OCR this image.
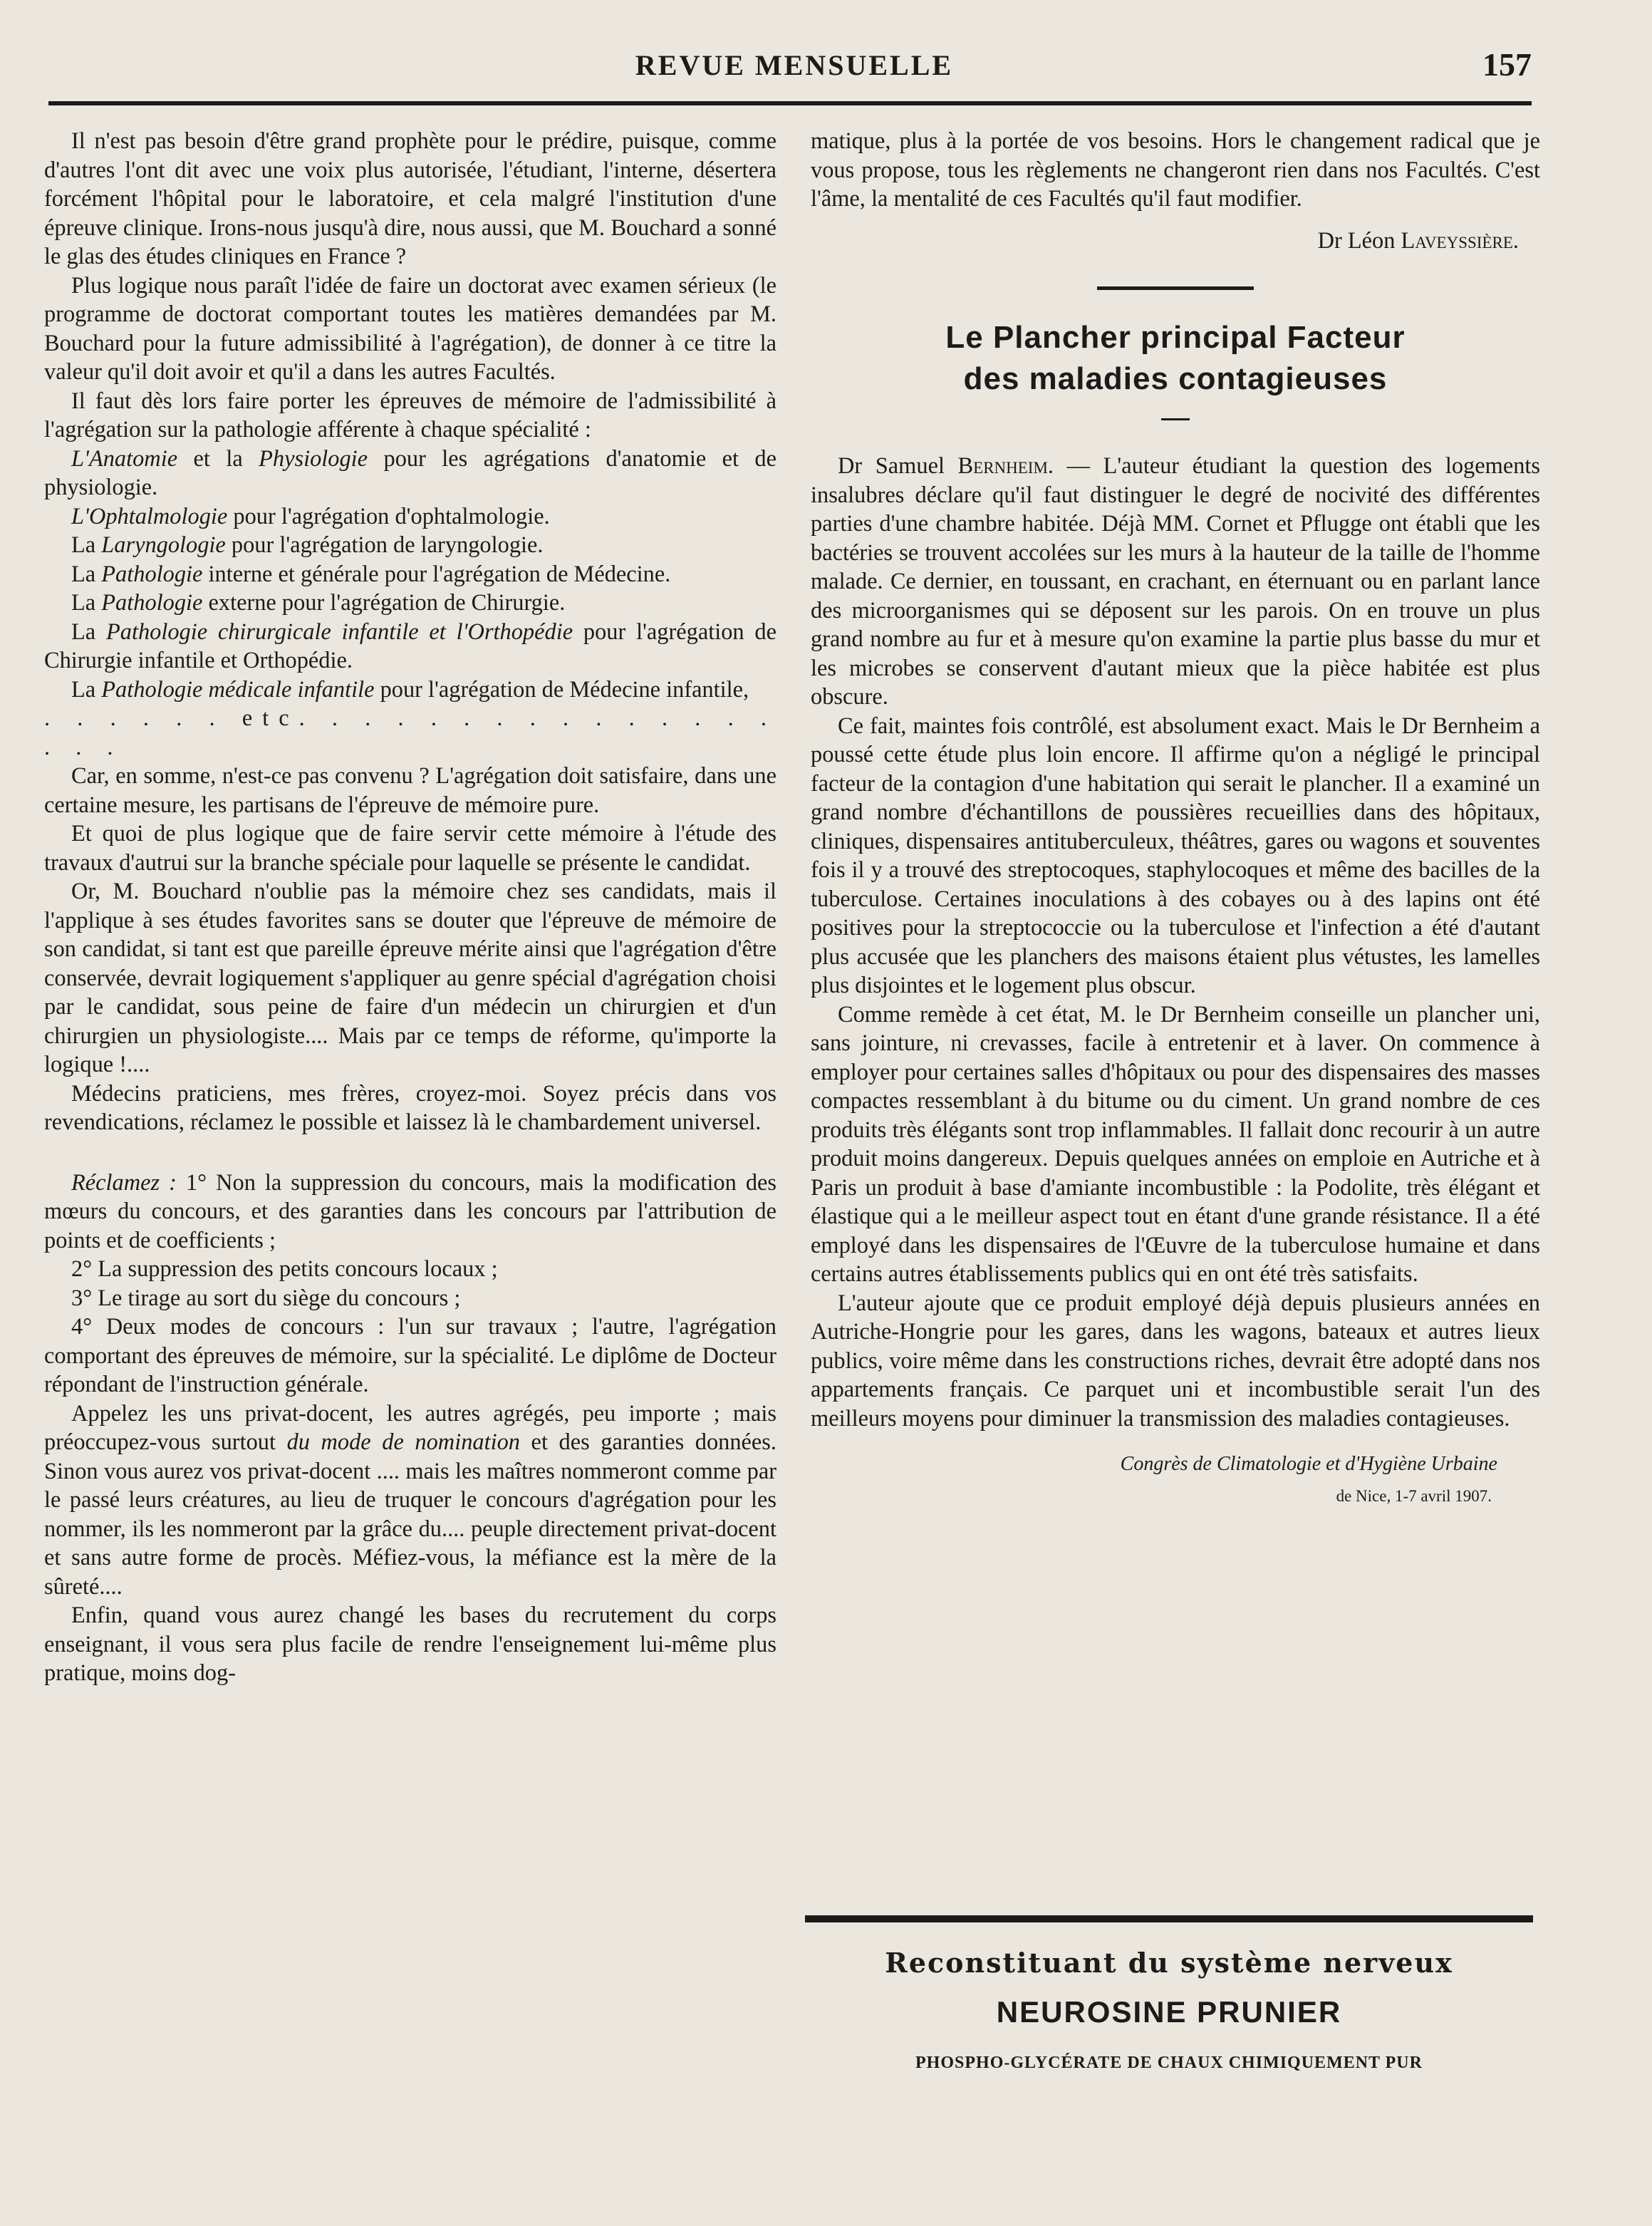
REVUE MENSUELLE	157

Il n'est pas besoin d'être grand prophète pour le prédire, puisque, comme d'autres l'ont dit avec une voix plus autorisée, l'étudiant, l'interne, désertera forcément l'hôpital pour le laboratoire, et cela malgré l'institution d'une épreuve clinique. Irons-nous jusqu'à dire, nous aussi, que M. Bouchard a sonné le glas des études cliniques en France ?

Plus logique nous paraît l'idée de faire un doctorat avec examen sérieux (le programme de doctorat comportant toutes les matières demandées par M. Bouchard pour la future admissibilité à l'agrégation), de donner à ce titre la valeur qu'il doit avoir et qu'il a dans les autres Facultés.

Il faut dès lors faire porter les épreuves de mémoire de l'admissibilité à l'agrégation sur la pathologie afférente à chaque spécialité :

L'Anatomie et la Physiologie pour les agrégations d'anatomie et de physiologie.

L'Ophtalmologie pour l'agrégation d'ophtalmologie.

La Laryngologie pour l'agrégation de laryngologie.

La Pathologie interne et générale pour l'agrégation de Médecine.

La Pathologie externe pour l'agrégation de Chirurgie.

La Pathologie chirurgicale infantile et l'Orthopédie pour l'agrégation de Chirurgie infantile et Orthopédie.

La Pathologie médicale infantile pour l'agrégation de Médecine infantile,

. . . . . . etc. . . . . . . . . . . . . . . . . .

Car, en somme, n'est-ce pas convenu ? L'agrégation doit satisfaire, dans une certaine mesure, les partisans de l'épreuve de mémoire pure.

Et quoi de plus logique que de faire servir cette mémoire à l'étude des travaux d'autrui sur la branche spéciale pour laquelle se présente le candidat.

Or, M. Bouchard n'oublie pas la mémoire chez ses candidats, mais il l'applique à ses études favorites sans se douter que l'épreuve de mémoire de son candidat, si tant est que pareille épreuve mérite ainsi que l'agrégation d'être conservée, devrait logiquement s'appliquer au genre spécial d'agrégation choisi par le candidat, sous peine de faire d'un médecin un chirurgien et d'un chirurgien un physiologiste.... Mais par ce temps de réforme, qu'importe la logique !....

Médecins praticiens, mes frères, croyez-moi. Soyez précis dans vos revendications, réclamez le possible et laissez là le chambardement universel.

Réclamez : 1° Non la suppression du concours, mais la modification des mœurs du concours, et des garanties dans les concours par l'attribution de points et de coefficients ;

2° La suppression des petits concours locaux ;

3° Le tirage au sort du siège du concours ;

4° Deux modes de concours : l'un sur travaux ; l'autre, l'agrégation comportant des épreuves de mémoire, sur la spécialité. Le diplôme de Docteur répondant de l'instruction générale.

Appelez les uns privat-docent, les autres agrégés, peu importe ; mais préoccupez-vous surtout du mode de nomination et des garanties données. Sinon vous aurez vos privat-docent .... mais les maîtres nommeront comme par le passé leurs créatures, au lieu de truquer le concours d'agrégation pour les nommer, ils les nommeront par la grâce du.... peuple directement privat-docent et sans autre forme de procès. Méfiez-vous, la méfiance est la mère de la sûreté....

Enfin, quand vous aurez changé les bases du recrutement du corps enseignant, il vous sera plus facile de rendre l'enseignement lui-même plus pratique, moins dog-

matique, plus à la portée de vos besoins. Hors le changement radical que je vous propose, tous les règlements ne changeront rien dans nos Facultés. C'est l'âme, la mentalité de ces Facultés qu'il faut modifier.

Dr Léon Laveyssière.

Le Plancher principal Facteur
des maladies contagieuses

Dr Samuel Bernheim. — L'auteur étudiant la question des logements insalubres déclare qu'il faut distinguer le degré de nocivité des différentes parties d'une chambre habitée. Déjà MM. Cornet et Pflugge ont établi que les bactéries se trouvent accolées sur les murs à la hauteur de la taille de l'homme malade. Ce dernier, en toussant, en crachant, en éternuant ou en parlant lance des microorganismes qui se déposent sur les parois. On en trouve un plus grand nombre au fur et à mesure qu'on examine la partie plus basse du mur et les microbes se conservent d'autant mieux que la pièce habitée est plus obscure.

Ce fait, maintes fois contrôlé, est absolument exact. Mais le Dr Bernheim a poussé cette étude plus loin encore. Il affirme qu'on a négligé le principal facteur de la contagion d'une habitation qui serait le plancher. Il a examiné un grand nombre d'échantillons de poussières recueillies dans des hôpitaux, cliniques, dispensaires antituberculeux, théâtres, gares ou wagons et souventes fois il y a trouvé des streptocoques, staphylocoques et même des bacilles de la tuberculose. Certaines inoculations à des cobayes ou à des lapins ont été positives pour la streptococcie ou la tuberculose et l'infection a été d'autant plus accusée que les planchers des maisons étaient plus vétustes, les lamelles plus disjointes et le logement plus obscur.

Comme remède à cet état, M. le Dr Bernheim conseille un plancher uni, sans jointure, ni crevasses, facile à entretenir et à laver. On commence à employer pour certaines salles d'hôpitaux ou pour des dispensaires des masses compactes ressemblant à du bitume ou du ciment. Un grand nombre de ces produits très élégants sont trop inflammables. Il fallait donc recourir à un autre produit moins dangereux. Depuis quelques années on emploie en Autriche et à Paris un produit à base d'amiante incombustible : la Podolite, très élégant et élastique qui a le meilleur aspect tout en étant d'une grande résistance. Il a été employé dans les dispensaires de l'Œuvre de la tuberculose humaine et dans certains autres établissements publics qui en ont été très satisfaits.

L'auteur ajoute que ce produit employé déjà depuis plusieurs années en Autriche-Hongrie pour les gares, dans les wagons, bateaux et autres lieux publics, voire même dans les constructions riches, devrait être adopté dans nos appartements français. Ce parquet uni et incombustible serait l'un des meilleurs moyens pour diminuer la transmission des maladies contagieuses.

Congrès de Climatologie et d'Hygiène Urbaine
de Nice, 1-7 avril 1907.
Reconstituant du système nerveux
NEUROSINE PRUNIER
PHOSPHO-GLYCÉRATE DE CHAUX CHIMIQUEMENT PUR
